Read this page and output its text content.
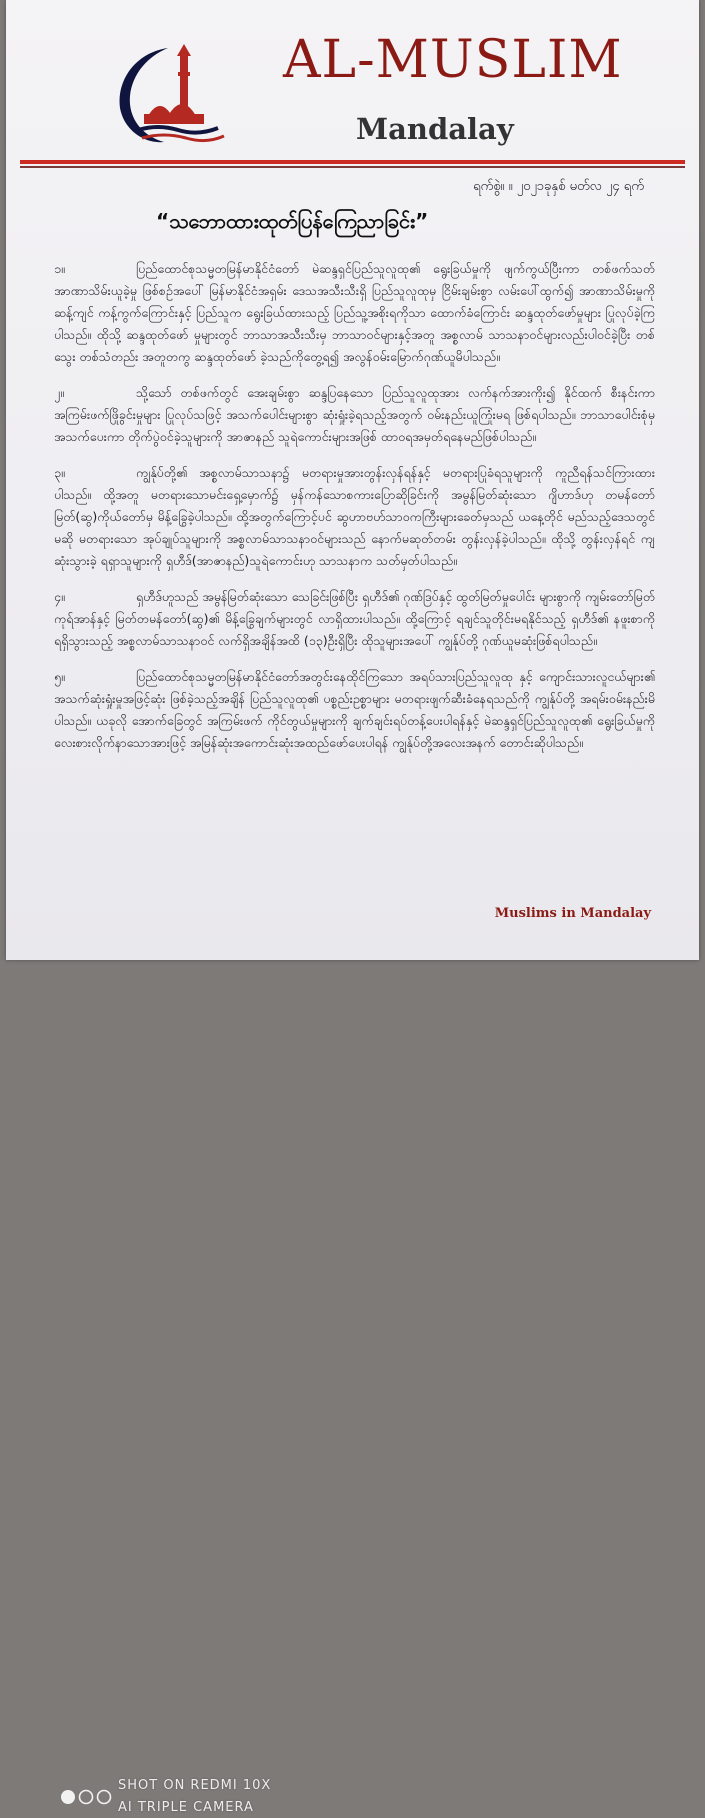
AL-MUSLIM
Mandalay
ရက်စွဲ။ ။ ၂၀၂၁ခုနှစ် မတ်လ ၂၄ ရက်
“သဘောထားထုတ်ပြန်ကြေညာခြင်း”

၁။	ပြည်ထောင်စုသမ္မတမြန်မာနိုင်ငံတော် မဲဆန္ဒရှင်ပြည်သူလူထု၏ ရွေးခြယ်မှုကို ဖျက်ကွယ်ပြီးကာ တစ်ဖက်သတ် အာဏာသိမ်းယူခဲ့မှု ဖြစ်စဉ်အပေါ် မြန်မာနိုင်ငံအရှမ်း ဒေသအသီးသီးရှိ ပြည်သူလူထုမှ ငြိမ်းချမ်းစွာ လမ်းပေါ်ထွက်၍ အာဏာသိမ်းမှုကိုဆန့်ကျင် ကန့်ကွက်ကြောင်းနှင့် ပြည်သူက ရွေးခြယ်ထားသည့် ပြည်သူ့အစိုးရကိုသာ ထောက်ခံကြောင်း ဆန္ဒထုတ်ဖော်မှုများ ပြုလုပ်ခဲ့ကြပါသည်။ ထိုသို့ ဆန္ဒထုတ်ဖော် မှုများတွင် ဘာသာအသီးသီးမှ ဘာသာဝင်များနှင့်အတူ အစ္စလာမ် သာသနာဝင်များလည်းပါဝင်ခဲ့ပြီး တစ်သွေး တစ်သံတည်း အတူတကွ ဆန္ဒထုတ်ဖော် ခဲ့သည်ကိုတွေ့ရ၍ အလွန်ဝမ်းမြောက်ဂုဏ်ယူမိပါသည်။

၂။	သို့သော် တစ်ဖက်တွင် အေးချမ်းစွာ ဆန္ဒပြနေသော ပြည်သူလူထုအား လက်နက်အားကိုး၍ နိုင်ထက် စီးနင်းကာ အကြမ်းဖက်ဖြိုခွင်းမှုများ ပြုလုပ်သဖြင့် အသက်ပေါင်းများစွာ ဆုံးရှုံးခဲ့ရသည့်အတွက် ဝမ်းနည်းယူကြုံးမရ ဖြစ်ရပါသည်။ ဘာသာပေါင်းစုံမှ အသက်ပေးကာ တိုက်ပွဲဝင်ခဲ့သူများကို အာဇာနည် သူရဲကောင်းများအဖြစ် ထာဝရအမှတ်ရနေမည်ဖြစ်ပါသည်။

၃။	ကျွန်ုပ်တို့၏ အစ္စလာမ်သာသနာ၌ မတရားမှုအားတွန်းလှန်ရန်နှင့် မတရားပြုခံရသူများကို ကူညီရန်သင်ကြားထားပါသည်။ ထို့အတူ မတရားသောမင်းရှေ့မှောက်၌ မှန်ကန်သောစကားပြောဆိုခြင်းကို အမွန်မြတ်ဆုံးသော ဂျိဟာဒ်ဟု တမန်တော်မြတ်(ဆွ)ကိုယ်တော်မှ မိန့်ခြွေခဲ့ပါသည်။ ထို့အတွက်ကြောင့်ပင် ဆွဟာဗဟ်သာဝကကြီးများခေတ်မှသည် ယနေ့တိုင် မည်သည့်ဒေသတွင်မဆို မတရားသော အုပ်ချုပ်သူများကို အစ္စလာမ်သာသနာဝင်များသည် နောက်မဆုတ်တမ်း တွန်းလှန်ခဲ့ပါသည်။ ထိုသို့ တွန်းလှန်ရင် ကျဆုံးသွားခဲ့ ရရှာသူများကို ရှဟီဒ်(အာဇာနည်)သူရဲကောင်းဟု သာသနာက သတ်မှတ်ပါသည်။

၄။	ရှဟီဒ်ဟူသည် အမွန်မြတ်ဆုံးသော သေခြင်းဖြစ်ပြီး ရှဟီဒ်၏ ဂုဏ်ဒြပ်နှင့် ထွတ်မြတ်မှုပေါင်း များစွာကို ကျမ်းတော်မြတ်ကုရ်အာန်နှင့် မြတ်တမန်တော်(ဆွ)၏ မိန့်ခြွေချက်များတွင် လာရှိထားပါသည်။ ထို့ကြောင့် ရချင်သူတိုင်းမရနိုင်သည့် ရှဟီဒ်၏ နဖူးစာကိုရရှိသွားသည့် အစ္စလာမ်သာသနာဝင် လက်ရှိအချိန်အထိ (၁၃)ဦးရှိပြီး ထိုသူများအပေါ် ကျွန်ုပ်တို့ ဂုဏ်ယူမဆုံးဖြစ်ရပါသည်။

၅။	ပြည်ထောင်စုသမ္မတမြန်မာနိုင်ငံတော်အတွင်းနေထိုင်ကြသော အရပ်သားပြည်သူလူထု နှင့် ကျောင်းသားလူငယ်များ၏ အသက်ဆုံးရှုံးမှုအဖြင့်ဆုံး ဖြစ်ခဲ့သည့်အချိန် ပြည်သူလူထု၏ ပစ္စည်းဥစ္စာများ မတရားဖျက်ဆီးခံနေရသည်ကို ကျွန်ုပ်တို့ အရမ်းဝမ်းနည်းမိပါသည်။ ယခုလို အောက်ခြေတွင် အကြမ်းဖက် ကိုင်တွယ်မှုများကို ချက်ချင်းရပ်တန့်ပေးပါရန်နှင့် မဲဆန္ဒရှင်ပြည်သူလူထု၏ ရွေးခြယ်မှုကို လေးစားလိုက်နာသောအားဖြင့် အမြန်ဆုံးအကောင်းဆုံးအထည်ဖော်ပေးပါရန် ကျွန်ုပ်တို့အလေးအနက် တောင်းဆိုပါသည်။

Muslims in Mandalay
SHOT ON REDMI 10X
AI TRIPLE CAMERA
